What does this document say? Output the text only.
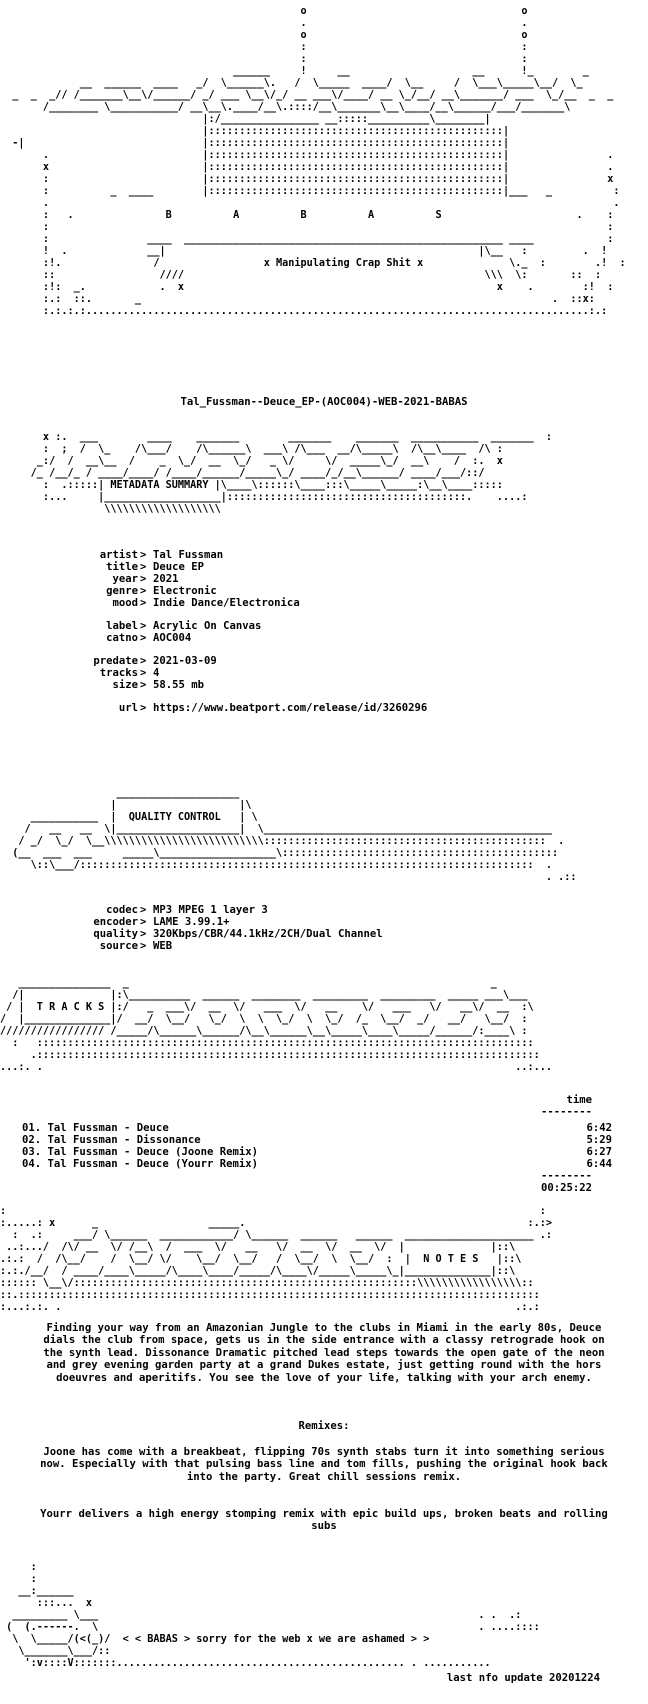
o                                   o
.                                   .
o                                   o
:                                   :
:                                   :
______     !     __                    __      !_        _
__  ______  ____   _/  \______\.   /  \_____  ____/  \__     /  \___\_____\__/  \_
_  _  _// /_______\__\/______/ _/ ___ \__\/_/ __ ___\/____/ __ \_/__/ __\_______/ ___  \_/__  _  _
/________ \___________/ __\__\.____/__\.::::/__\_______\__\____/__\______/___/_______\
|:/________________ __:::::__________\________|
|::::::::::::::::::::::::::::::::::::::::::::::::|
-|                             |::::::::::::::::::::::::::::::::::::::::::::::::|
.                         |::::::::::::::::::::::::::::::::::::::::::::::::|                .
x                         |::::::::::::::::::::::::::::::::::::::::::::::::|                .
:                         |::::::::::::::::::::::::::::::::::::::::::::::::|                x
:          _  ____        |::::::::::::::::::::::::::::::::::::::::::::::::|___   _          :
.                                                                                            .
:   .               B          A          B          A          S                      .    :
:                                                                                           :
:                ____  ____________________________________________________ ____            :
!  .             __|                                                   |\__   :         .  !
:!.               /                 x Manipulating Crap Shit x              \._  :        .!  :
::                 ////                                                 \\\  \:       ::  :
:!:  _.            .  x                                                   x    .        :!  :
:.:  ::.       _                                                                   .  ::x:
:.:.:.:..................................................................................:.:
Tal_Fussman--Deuce_EP-(AOC004)-WEB-2021-BABAS
x :.  ___        ____    _______        _______    _______  ___________  _______  :
:  ;  /  \_    /\___/    /\______\  ___\ /\___  __/\_____\  /\__\____  /\ :
_:/  /  __\__  /    _  \_/  __  \_/   _ \/     \/  _____\_/  __\    /  :.  x
/_ /__/_ / ____/____/ /____/______/_____\_/ ____/_/__\______/ ____/___/::/
:  .:::::| METADATA SUMMARY |\____\::::::\____:::\_____\_____:\__\____:::::
:...     |___________________|:::::::::::::::::::::::::::::::::::::::.    ....:
\\\\\\\\\\\\\\\\\\\
artist > Tal Fussman
title > Deuce EP
year > 2021
genre > Electronic
mood > Indie Dance/Electronica
label > Acrylic On Canvas
catno > AOC004
predate > 2021-03-09
tracks > 4
size > 58.55 mb
url > https://www.beatport.com/release/id/3260296
____________________
|                    |\
___________  |  QUALITY CONTROL   | \
/   __   __  \|____________________|  \_______________________________________________
/ _/  \_/  \__\\\\\\\\\\\\\\\\\\\\\\\\\\::::::::::::::::::::::::::::::::::::::::::::::  .
(__  ___  ___     _____\___________________\:::::::::::::::::::::::::::::::::::::::::::::
\::\___/::::::::::::::::::::::::::::::::::::::::::::::::::::::::::::::::::::::::::  .
. .::
codec > MP3 MPEG 1 layer 3
encoder > LAME 3.99.1+
quality > 320Kbps/CBR/44.1kHz/2CH/Dual Channel
source > WEB
_______________  _                                                           _
/|              |:\__________  ______  ________  _________  _________  _____ ___\___
/ |  T R A C K S |:/   _  ___\/  __  \/   ___  \/   __    \/   ___   \/   __\/  __  :\
/  |______________|/  __/  \__/   \_/  \  \  \_/  \  \_/  /_  \__/  _/   __/   \__/  :
///////////////// /_____/\______\______/\__\______\__\_____\____\_____/______/:____\ :
:   :::::::::::::::::::::::::::::::::::::::::::::::::::::::::::::::::::::::::::::::::
.::::::::::::::::::::::::::::::::::::::::::::::::::::::::::::::::::::::::::::::::::
...:. .                                                                             ..:...
time
--------
01. Tal Fussman - Deuce	6:42
02. Tal Fussman - Dissonance	5:29
03. Tal Fussman - Deuce (Joone Remix)	6:27
04. Tal Fussman - Deuce (Yourr Remix)	6:44
--------
00:25:22
:                                                                                       :
:.....: x      _                  _____.                                              :.:>
:  .:     ___/ \______  ____________/ \______  ______   ______  _____________________ .:
..:.../  /\/ __  \/ /__\  /  ___  \/   __   \/  __  \/  __  \/  |              |::\
.:.:  /  /\__/    /  \__/ \/    \__/  \__/   /  \__/  \  \__/  :  |  N O T E S   |::\
:.:./__/  / ____/____\_____/\____\____/_____/\____\/_____\_____\_|______________|::\
:::::: \__\/::::::::::::::::::::::::::::::::::::::::::::::::::::::::\\\\\\\\\\\\\\\\\::
::.:::::::::::::::::::::::::::::::::::::::::::::::::::::::::::::::::::::::::::::::::::::
:...:.:. .                                                                          .:.:
Finding your way from an Amazonian Jungle to the clubs in Miami in the early 80s, Deuce dials the club from space, gets us in the side entrance with a classy retrograde hook on the synth lead. Dissonance Dramatic pitched lead steps towards the open gate of the neon and grey evening garden party at a grand Dukes estate, just getting round with the hors doeuvres and aperitifs. You see the love of your life, talking with your arch enemy.
Remixes:
Joone has come with a breakbeat, flipping 70s synth stabs turn it into something serious now. Especially with that pulsing bass line and tom fills, pushing the original hook back into the party. Great chill sessions remix.
Yourr delivers a high energy stomping remix with epic build ups, broken beats and rolling subs
:
:
__:______
:::...  x
_________ \___                                                              . .  .:
(  (.------.  \                                                              . ....::::
\  \_____/(<(_)/  < < BABAS > sorry for the web x we are ashamed > >
\_______\___/::
':v::::V:::::::............................................... . ...........
last nfo update 20201224
